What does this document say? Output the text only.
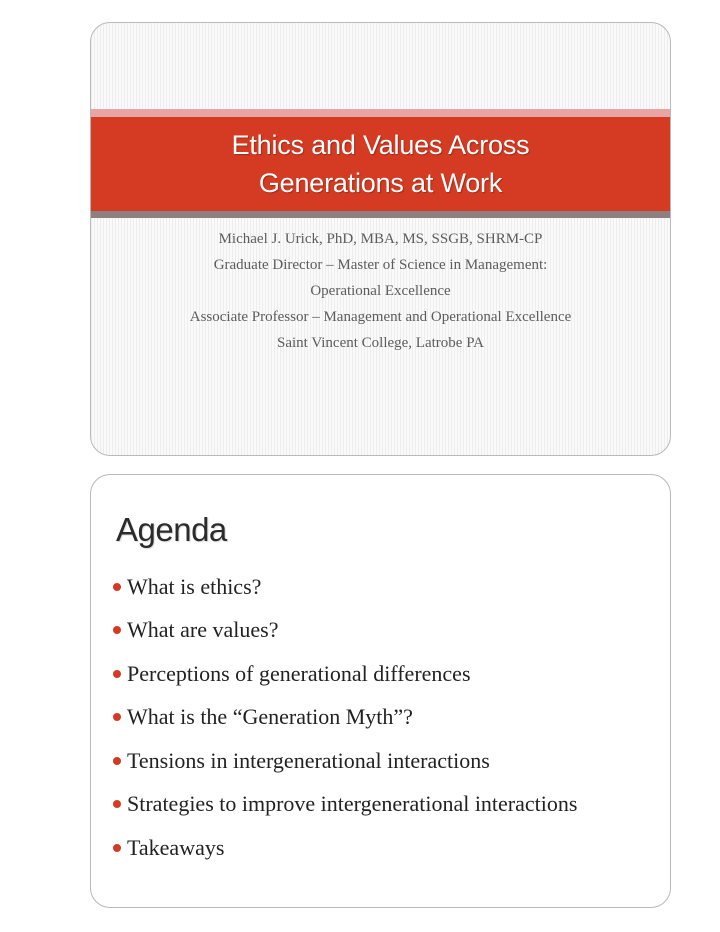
Ethics and Values Across
Generations at Work
Michael J. Urick, PhD, MBA, MS, SSGB, SHRM-CP
Graduate Director – Master of Science in Management:
Operational Excellence
Associate Professor – Management and Operational Excellence
Saint Vincent College, Latrobe PA
Agenda
What is ethics?
What are values?
Perceptions of generational differences
What is the “Generation Myth”?
Tensions in intergenerational interactions
Strategies to improve intergenerational interactions
Takeaways
